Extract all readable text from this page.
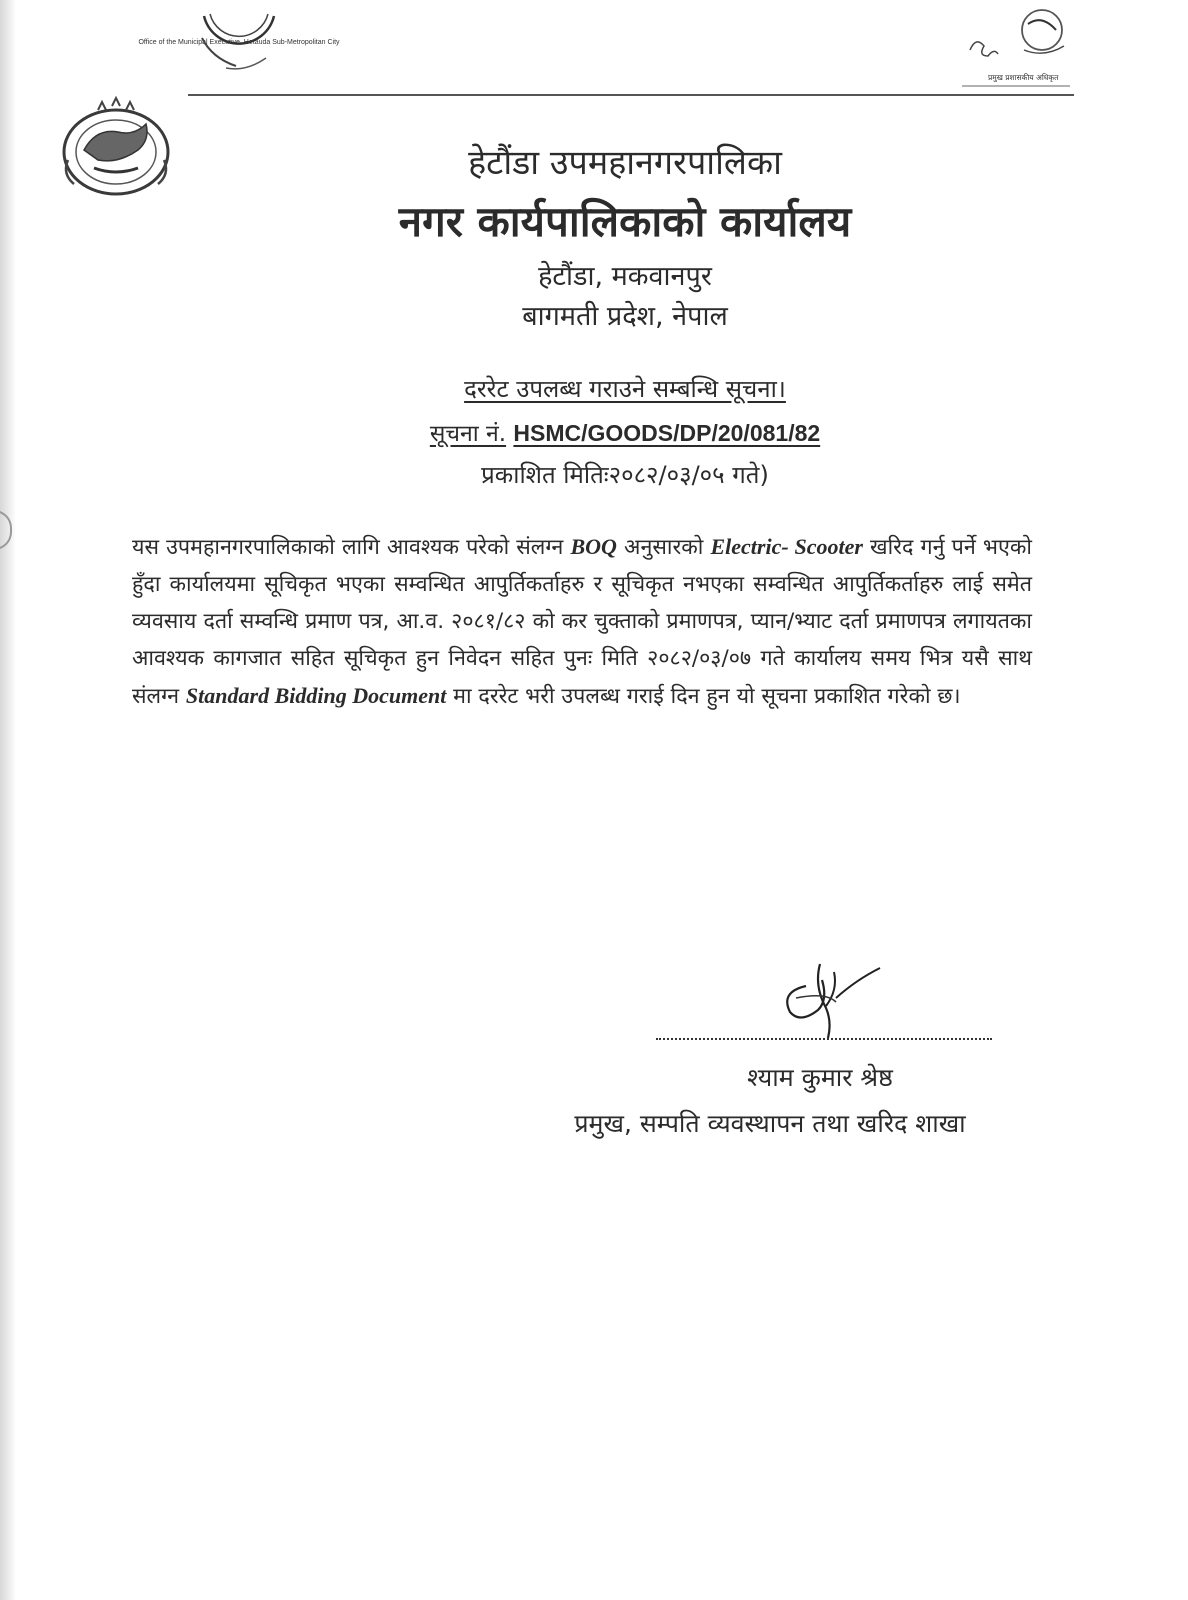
Office of the Municipal Executive, Hetauda Sub-Metropolitan City
प्रमुख प्रशासकीय अधिकृत
हेटौंडा उपमहानगरपालिका
नगर कार्यपालिकाको कार्यालय
हेटौंडा, मकवानपुर
बागमती प्रदेश, नेपाल
दररेट उपलब्ध गराउने सम्बन्धि सूचना।
सूचना नं. HSMC/GOODS/DP/20/081/82
प्रकाशित मितिः२०८२/०३/०५ गते)
यस उपमहानगरपालिकाको लागि आवश्यक परेको संलग्न BOQ अनुसारको Electric- Scooter खरिद गर्नु पर्ने भएको हुँदा कार्यालयमा सूचिकृत भएका सम्वन्धित आपुर्तिकर्ताहरु र सूचिकृत नभएका सम्वन्धित आपुर्तिकर्ताहरु लाई समेत व्यवसाय दर्ता सम्वन्धि प्रमाण पत्र, आ.व. २०८१/८२ को कर चुक्ताको प्रमाणपत्र, प्यान/भ्याट दर्ता प्रमाणपत्र लगायतका आवश्यक कागजात सहित सूचिकृत हुन निवेदन सहित पुनः मिति २०८२/०३/०७ गते कार्यालय समय भित्र यसै साथ संलग्न Standard Bidding Document मा दररेट भरी उपलब्ध गराई दिन हुन यो सूचना प्रकाशित गरेको छ।
श्याम कुमार श्रेष्ठ
प्रमुख, सम्पति व्यवस्थापन तथा खरिद शाखा
